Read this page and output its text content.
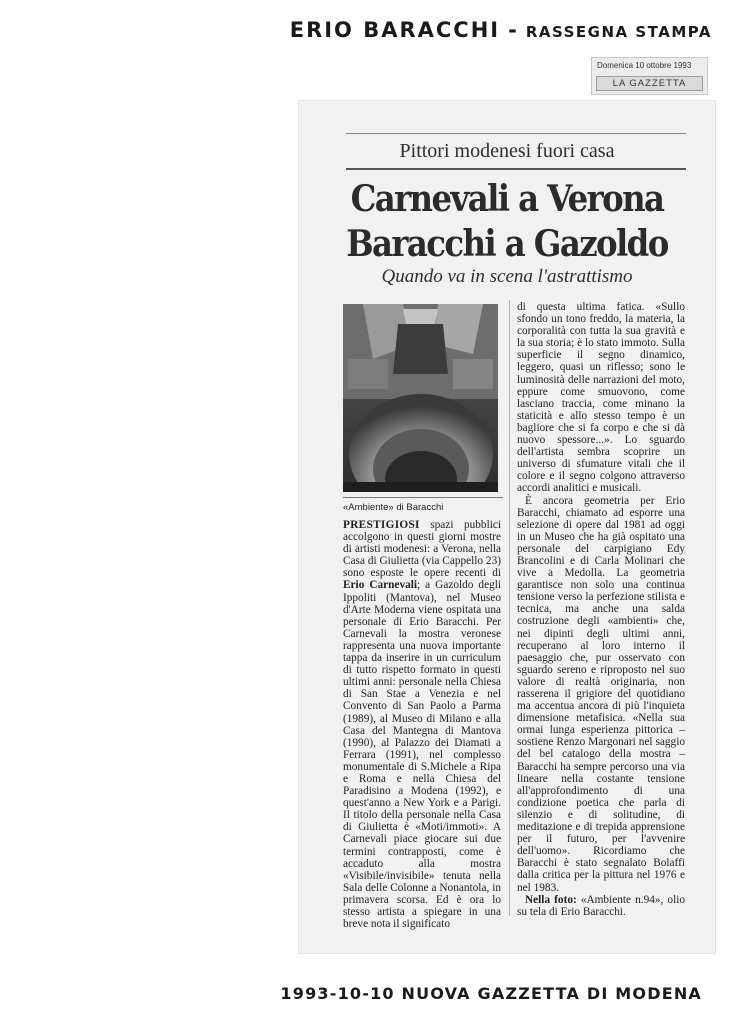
ERIO BARACCHI - RASSEGNA STAMPA
Domenica 10 ottobre 1993
LA GAZZETTA
Pittori modenesi fuori casa
Carnevali a Verona
Baracchi a Gazoldo
Quando va in scena l'astrattismo
«Ambiente» di Baracchi

PRESTIGIOSI spazi pubblici accolgono in questi giorni mostre di artisti modenesi: a Verona, nella Casa di Giulietta (via Cappello 23) sono esposte le opere recenti di Erio Carnevali; a Gazoldo degli Ippoliti (Mantova), nel Museo d'Arte Moderna viene ospitata una personale di Erio Baracchi. Per Carnevali la mostra veronese rappresenta una nuova importante tappa da inserire in un curriculum di tutto rispetto formato in questi ultimi anni: personale nella Chiesa di San Stae a Venezia e nel Convento di San Paolo a Parma (1989), al Museo di Milano e alla Casa del Mantegna di Mantova (1990), al Palazzo dei Diamati a Ferrara (1991), nel complesso monumentale di S.Michele a Ripa e Roma e nella Chiesa del Paradisino a Modena (1992), e quest'anno a New York e a Parigi. Il titolo della personale nella Casa di Giulietta è «Moti/immoti». A Carnevali piace giocare sui due termini contrapposti, come è accaduto alla mostra «Visibile/invisibile» tenuta nella Sala delle Colonne a Nonantola, in primavera scorsa. Ed è ora lo stesso artista a spiegare in una breve nota il significato

di questa ultima fatica. «Sullo sfondo un tono freddo, la materia, la corporalità con tutta la sua gravità e la sua storia; è lo stato immoto. Sulla superficie il segno dinamico, leggero, quasi un riflesso; sono le luminosità delle narrazioni del moto, eppure come smuovono, come lasciano traccia, come minano la staticità e allo stesso tempo è un bagliore che si fa corpo e che si dà nuovo spessore...». Lo sguardo dell'artista sembra scoprire un universo di sfumature vitali che il colore e il segno colgono attraverso accordi analitici e musicali.

È ancora geometria per Erio Baracchi, chiamato ad esporre una selezione di opere dal 1981 ad oggi in un Museo che ha già ospitato una personale del carpigiano Edy Brancolini e di Carla Molinari che vive a Medolla. La geometria garantisce non solo una continua tensione verso la perfezione stilista e tecnica, ma anche una salda costruzione degli «ambienti» che, nei dipinti degli ultimi anni, recuperano al loro interno il paesaggio che, pur osservato con sguardo sereno e riproposto nel suo valore di realtà originaria, non rasserena il grigiore del quotidiano ma accentua ancora di più l'inquieta dimensione metafisica. «Nella sua ormai lunga esperienza pittorica – sostiene Renzo Margonari nel saggio del bel catalogo della mostra – Baracchi ha sempre percorso una via lineare nella costante tensione all'approfondimento di una condizione poetica che parla di silenzio e di solitudine, di meditazione e di trepida apprensione per il futuro, per l'avvenire dell'uomo». Ricordiamo che Baracchi è stato segnalato Bolaffi dalla critica per la pittura nel 1976 e nel 1983.

Nella foto: «Ambiente n.94», olio su tela di Erio Baracchi.

1993-10-10 NUOVA GAZZETTA DI MODENA
